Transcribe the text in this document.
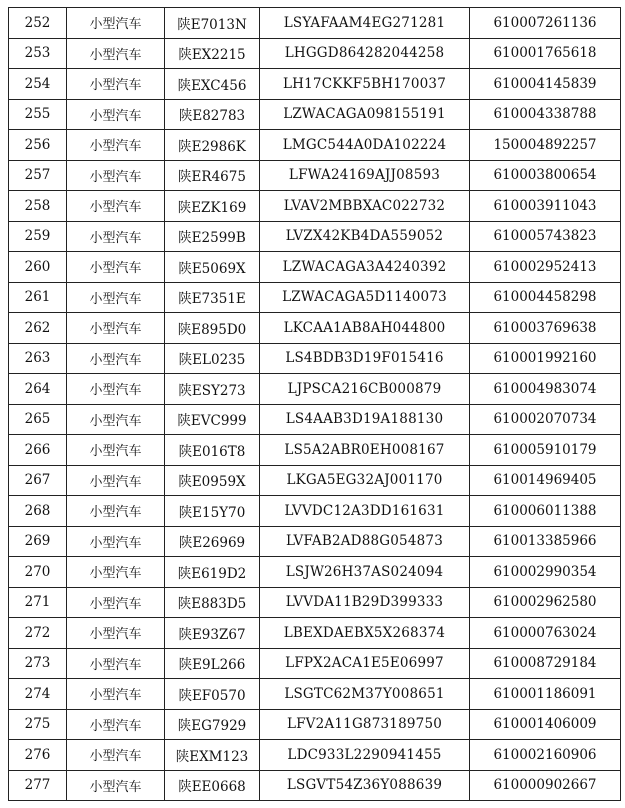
252	小型汽车	陕E7013N	LSYAFAAM4EG271281	610007261136
253	小型汽车	陕EX2215	LHGGD864282044258	610001765618
254	小型汽车	陕EXC456	LH17CKKF5BH170037	610004145839
255	小型汽车	陕E82783	LZWACAGA098155191	610004338788
256	小型汽车	陕E2986K	LMGC544A0DA102224	150004892257
257	小型汽车	陕ER4675	LFWA24169AJJ08593	610003800654
258	小型汽车	陕EZK169	LVAV2MBBXAC022732	610003911043
259	小型汽车	陕E2599B	LVZX42KB4DA559052	610005743823
260	小型汽车	陕E5069X	LZWACAGA3A4240392	610002952413
261	小型汽车	陕E7351E	LZWACAGA5D1140073	610004458298
262	小型汽车	陕E895D0	LKCAA1AB8AH044800	610003769638
263	小型汽车	陕EL0235	LS4BDB3D19F015416	610001992160
264	小型汽车	陕ESY273	LJPSCA216CB000879	610004983074
265	小型汽车	陕EVC999	LS4AAB3D19A188130	610002070734
266	小型汽车	陕E016T8	LS5A2ABR0EH008167	610005910179
267	小型汽车	陕E0959X	LKGA5EG32AJ001170	610014969405
268	小型汽车	陕E15Y70	LVVDC12A3DD161631	610006011388
269	小型汽车	陕E26969	LVFAB2AD88G054873	610013385966
270	小型汽车	陕E619D2	LSJW26H37AS024094	610002990354
271	小型汽车	陕E883D5	LVVDA11B29D399333	610002962580
272	小型汽车	陕E93Z67	LBEXDAEBX5X268374	610000763024
273	小型汽车	陕E9L266	LFPX2ACA1E5E06997	610008729184
274	小型汽车	陕EF0570	LSGTC62M37Y008651	610001186091
275	小型汽车	陕EG7929	LFV2A11G873189750	610001406009
276	小型汽车	陕EXM123	LDC933L2290941455	610002160906
277	小型汽车	陕EE0668	LSGVT54Z36Y088639	610000902667
